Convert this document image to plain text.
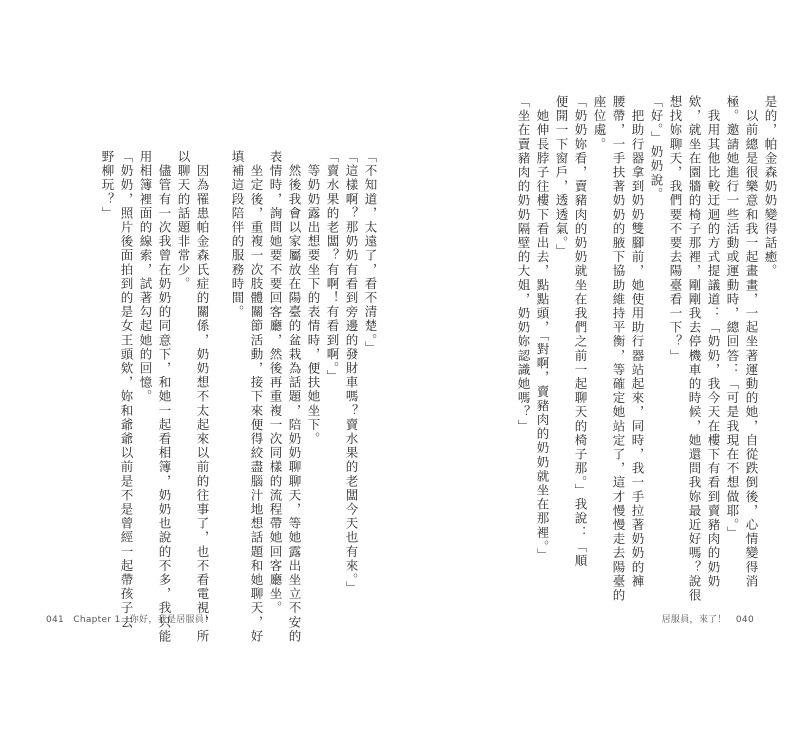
「不知道，太遠了，看不清楚。」

「這樣啊？那奶奶有看到旁邊的發財車嗎？賣水果的老闆今天也有來。」

「賣水果的老闆？有啊！有看到啊。」

　等奶奶露出想要坐下的表情時，便扶她坐下。

　然後我會以家屬放在陽臺的盆栽為話題，陪奶奶聊聊天，等她露出坐立不安的

表情時，詢問她要不要回客廳，然後再重複一次同樣的流程帶她回客廳坐。

　坐定後，重複一次肢體關節活動，接下來便得絞盡腦汁地想話題和她聊天，好

填補這段陪伴的服務時間。

　因為罹患帕金森氏症的關係，奶奶想不太起來以前的往事了，也不看電視，所

以聊天的話題非常少。

　儘管有一次我曾在奶奶的同意下，和她一起看相簿，奶奶也說的不多，我只能

用相簿裡面的線索，試著勾起她的回憶。

「奶奶，照片後面拍到的是女王頭欸，妳和爺爺以前是不是曾經一起帶孩子去

野柳玩？」

041 Chapter 1 你好，我是居服員！

是的，帕金森奶奶變得話癒。

　以前總是很樂意和我一起畫畫，一起坐著運動的她，自從跌倒後，心情變得消

極。邀請她進行一些活動或運動時，總回答：「可是我現在不想做耶。」

　我用其他比較迂迴的方式提議道：「奶奶，我今天在樓下有看到賣豬肉的奶奶

欸，就坐在園牆的椅子那裡，剛剛我去停機車的時候，她還問我妳最近好嗎？說很

想找妳聊天，我們要不要去陽臺看一下？」

「好。」奶奶說。

　把助行器拿到奶奶雙腳前，她使用助行器站起來，同時，我一手拉著奶奶的褲

腰帶，一手扶著奶奶的腋下協助維持平衡，等確定她站定了，這才慢慢走去陽臺的

座位處。

「奶奶妳看，賣豬肉的奶奶就坐在我們之前一起聊天的椅子那。」我說：「順

便開一下窗戶，透透氣。」

　她伸長脖子往樓下看出去，點點頭，「對啊，賣豬肉的奶奶就坐在那裡。」

「坐在賣豬肉的奶奶隔壁的大姐，奶奶妳認識她嗎？」

居服員，來了！ 040
